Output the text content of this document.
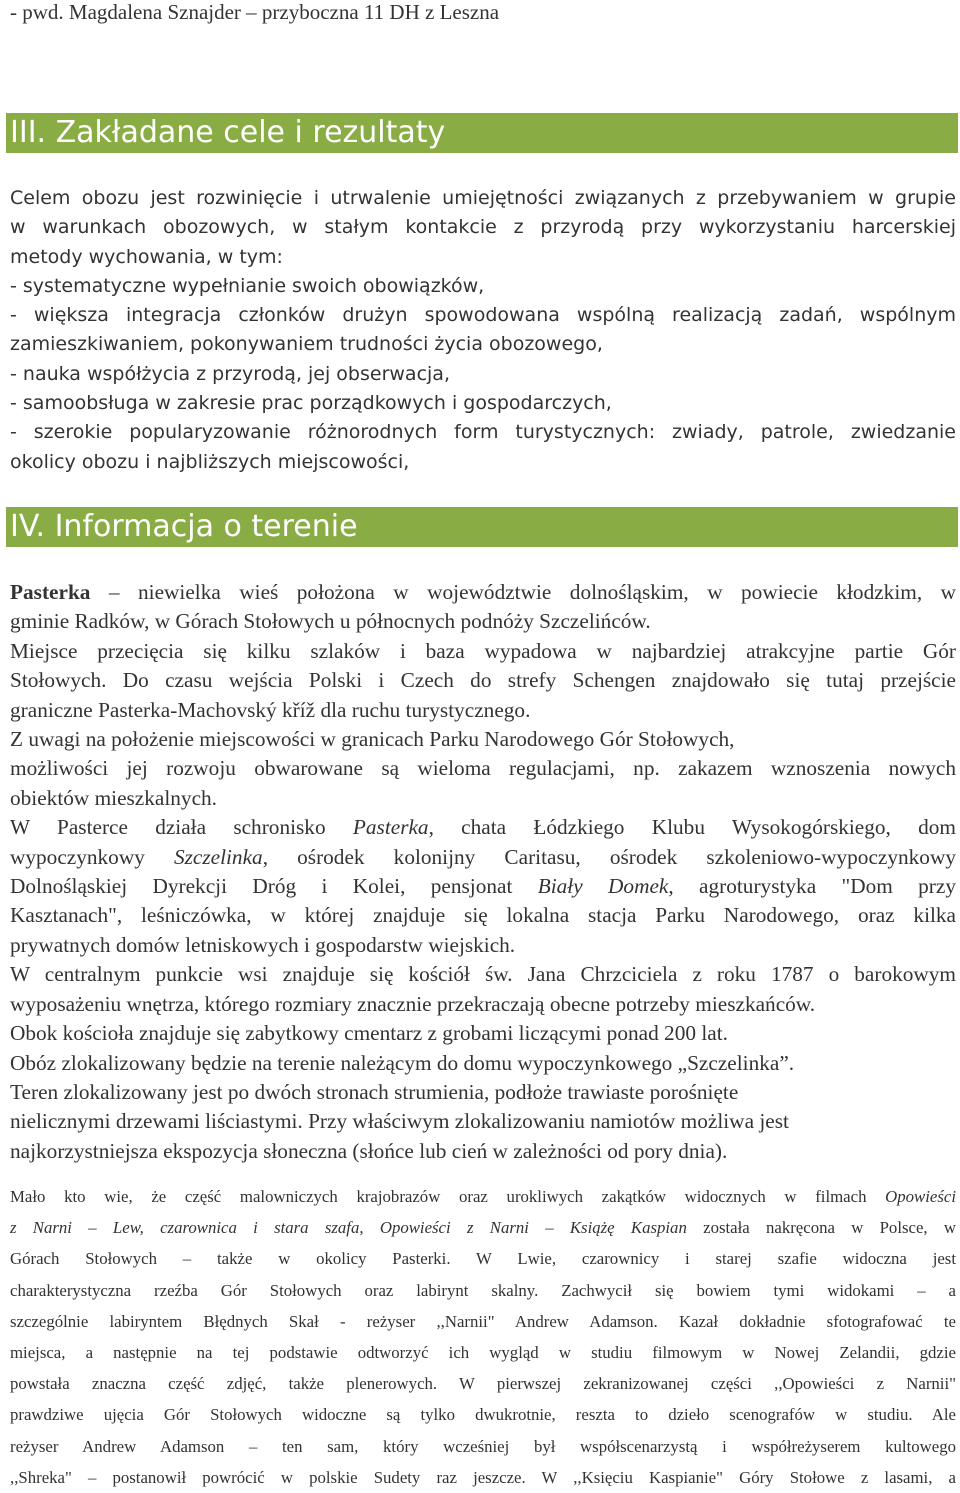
- pwd. Magdalena Sznajder – przyboczna 11 DH z Leszna
III. Zakładane cele i rezultaty
Celem obozu jest rozwinięcie i utrwalenie umiejętności związanych z przebywaniem w grupie
w warunkach obozowych, w stałym kontakcie z przyrodą przy wykorzystaniu harcerskiej
metody wychowania, w tym:
- systematyczne wypełnianie swoich obowiązków,
- większa integracja członków drużyn spowodowana wspólną realizacją zadań, wspólnym
zamieszkiwaniem, pokonywaniem trudności życia obozowego,
- nauka współżycia z przyrodą, jej obserwacja,
- samoobsługa w zakresie prac porządkowych i gospodarczych,
- szerokie popularyzowanie różnorodnych form turystycznych: zwiady, patrole, zwiedzanie
okolicy obozu i najbliższych miejscowości,
IV. Informacja o terenie
Pasterka – niewielka wieś położona w województwie dolnośląskim, w powiecie kłodzkim, w
gminie Radków, w Górach Stołowych u północnych podnóży Szczelińców.
Miejsce przecięcia się kilku szlaków i baza wypadowa w najbardziej atrakcyjne partie Gór
Stołowych. Do czasu wejścia Polski i Czech do strefy Schengen znajdowało się tutaj przejście
graniczne Pasterka-Machovský kříž dla ruchu turystycznego.
Z uwagi na położenie miejscowości w granicach Parku Narodowego Gór Stołowych,
możliwości jej rozwoju obwarowane są wieloma regulacjami, np. zakazem wznoszenia nowych
obiektów mieszkalnych.
W Pasterce działa schronisko Pasterka, chata Łódzkiego Klubu Wysokogórskiego, dom
wypoczynkowy Szczelinka, ośrodek kolonijny Caritasu, ośrodek szkoleniowo-wypoczynkowy
Dolnośląskiej Dyrekcji Dróg i Kolei, pensjonat Biały Domek, agroturystyka "Dom przy
Kasztanach", leśniczówka, w której znajduje się lokalna stacja Parku Narodowego, oraz kilka
prywatnych domów letniskowych i gospodarstw wiejskich.
W centralnym punkcie wsi znajduje się kościół św. Jana Chrzciciela z roku 1787 o barokowym
wyposażeniu wnętrza, którego rozmiary znacznie przekraczają obecne potrzeby mieszkańców.
Obok kościoła znajduje się zabytkowy cmentarz z grobami liczącymi ponad 200 lat.
Obóz zlokalizowany będzie na terenie należącym do domu wypoczynkowego „Szczelinka”.
Teren zlokalizowany jest po dwóch stronach strumienia, podłoże trawiaste porośnięte
nielicznymi drzewami liściastymi. Przy właściwym zlokalizowaniu namiotów możliwa jest
najkorzystniejsza ekspozycja słoneczna (słońce lub cień w zależności od pory dnia).
Mało kto wie, że część malowniczych krajobrazów oraz urokliwych zakątków widocznych w filmach Opowieści
z Narni – Lew, czarownica i stara szafa, Opowieści z Narni – Książę Kaspian została nakręcona w Polsce, w
Górach Stołowych – także w okolicy Pasterki. W Lwie, czarownicy i starej szafie widoczna jest
charakterystyczna rzeźba Gór Stołowych oraz labirynt skalny. Zachwycił się bowiem tymi widokami – a
szczególnie labiryntem Błędnych Skał - reżyser ,,Narnii" Andrew Adamson. Kazał dokładnie sfotografować te
miejsca, a następnie na tej podstawie odtworzyć ich wygląd w studiu filmowym w Nowej Zelandii, gdzie
powstała znaczna część zdjęć, także plenerowych. W pierwszej zekranizowanej części ,,Opowieści z Narnii"
prawdziwe ujęcia Gór Stołowych widoczne są tylko dwukrotnie, reszta to dzieło scenografów w studiu. Ale
reżyser Andrew Adamson – ten sam, który wcześniej był współscenarzystą i współreżyserem kultowego
,,Shreka" – postanowił powrócić w polskie Sudety raz jeszcze. W ,,Księciu Kaspianie" Góry Stołowe z lasami, a
